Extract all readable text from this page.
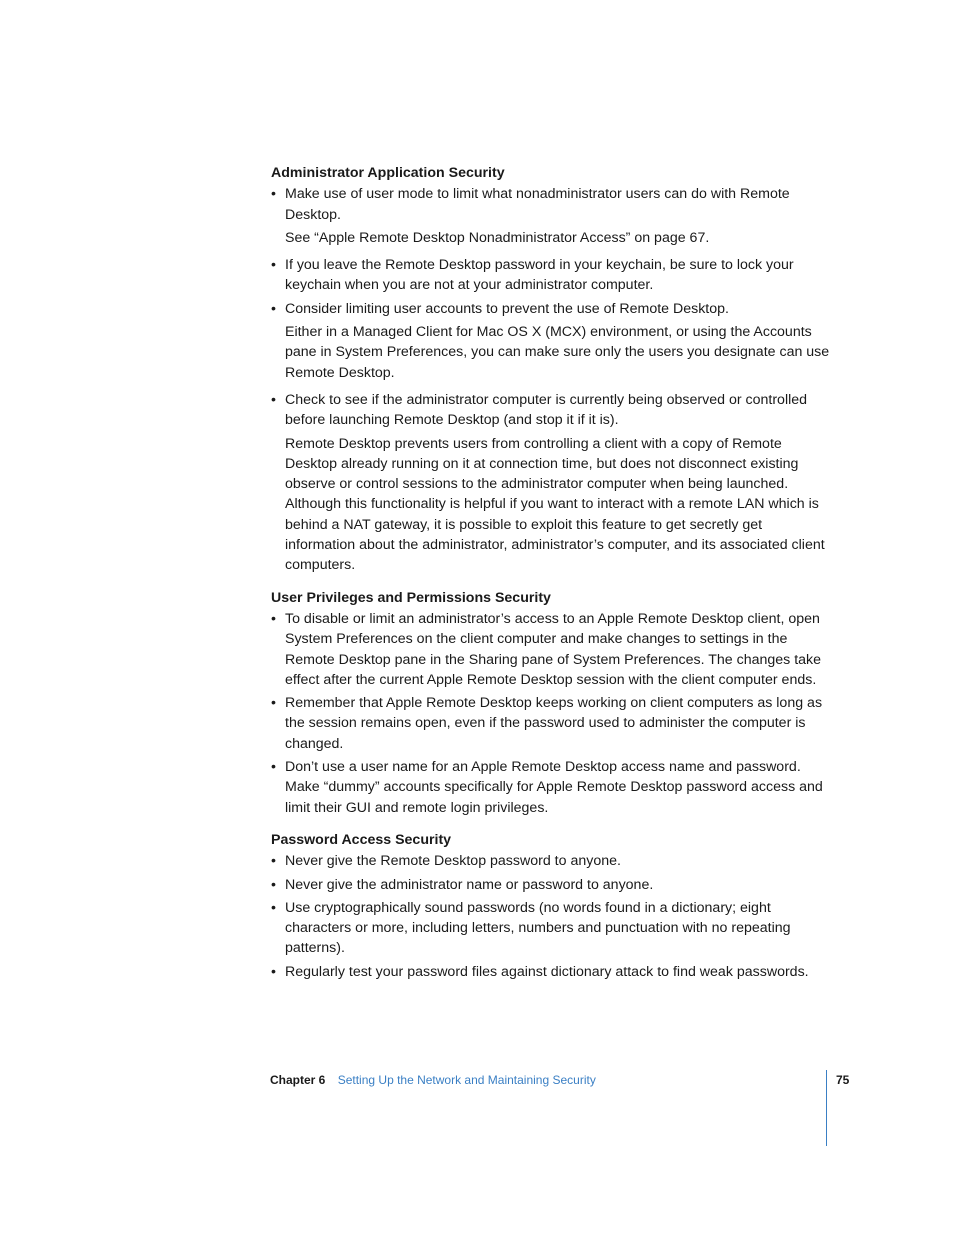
Administrator Application Security
• Make use of user mode to limit what nonadministrator users can do with Remote Desktop.
See “Apple Remote Desktop Nonadministrator Access” on page 67.
• If you leave the Remote Desktop password in your keychain, be sure to lock your keychain when you are not at your administrator computer.
• Consider limiting user accounts to prevent the use of Remote Desktop.
Either in a Managed Client for Mac OS X (MCX) environment, or using the Accounts pane in System Preferences, you can make sure only the users you designate can use Remote Desktop.
• Check to see if the administrator computer is currently being observed or controlled before launching Remote Desktop (and stop it if it is).
Remote Desktop prevents users from controlling a client with a copy of Remote Desktop already running on it at connection time, but does not disconnect existing observe or control sessions to the administrator computer when being launched. Although this functionality is helpful if you want to interact with a remote LAN which is behind a NAT gateway, it is possible to exploit this feature to get secretly get information about the administrator, administrator’s computer, and its associated client computers.
User Privileges and Permissions Security
• To disable or limit an administrator’s access to an Apple Remote Desktop client, open System Preferences on the client computer and make changes to settings in the Remote Desktop pane in the Sharing pane of System Preferences. The changes take effect after the current Apple Remote Desktop session with the client computer ends.
• Remember that Apple Remote Desktop keeps working on client computers as long as the session remains open, even if the password used to administer the computer is changed.
• Don’t use a user name for an Apple Remote Desktop access name and password. Make “dummy” accounts specifically for Apple Remote Desktop password access and limit their GUI and remote login privileges.
Password Access Security
• Never give the Remote Desktop password to anyone.
• Never give the administrator name or password to anyone.
• Use cryptographically sound passwords (no words found in a dictionary; eight characters or more, including letters, numbers and punctuation with no repeating patterns).
• Regularly test your password files against dictionary attack to find weak passwords.
Chapter 6 Setting Up the Network and Maintaining Security	75
